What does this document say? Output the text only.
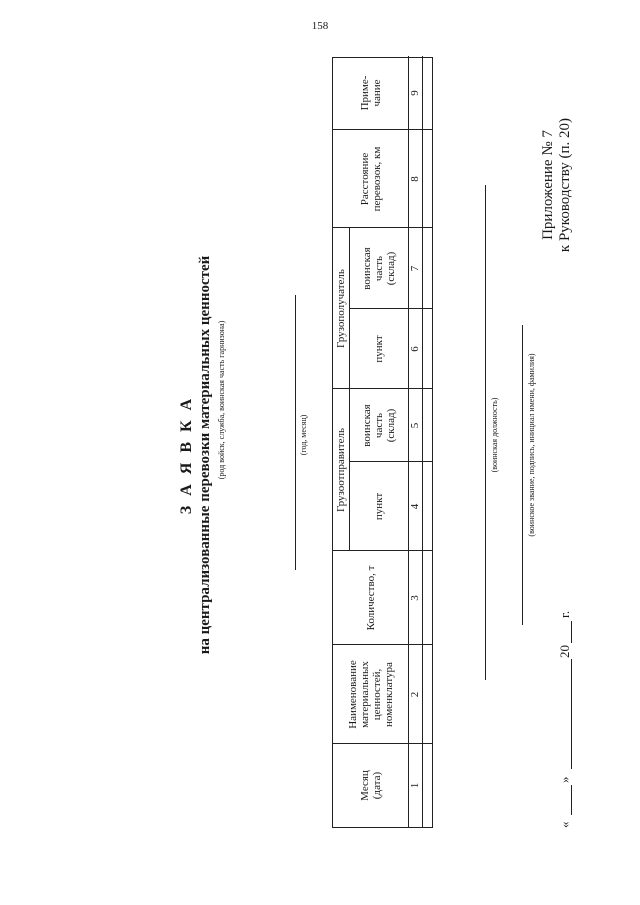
158
Приложение № 7 к Руководству (п. 20)
З А Я В К А на централизованные перевозки материальных ценностей (род войск, служба, воинская часть гарнизона)	(год, месяц) Грузоотправитель
Грузополучатель
Месяц (дата)
Наименование материальных ценностей, номенклатура
Количество, т
пункт
воинская часть (склад)
пункт
воинская часть (склад)
Расстояние перевозок, км
Приме-чание
1
2
3
4
5
6
7
8
9
(воинская должность)	(воинское звание, подпись, инициал имени, фамилия)
«
»
20
г.
